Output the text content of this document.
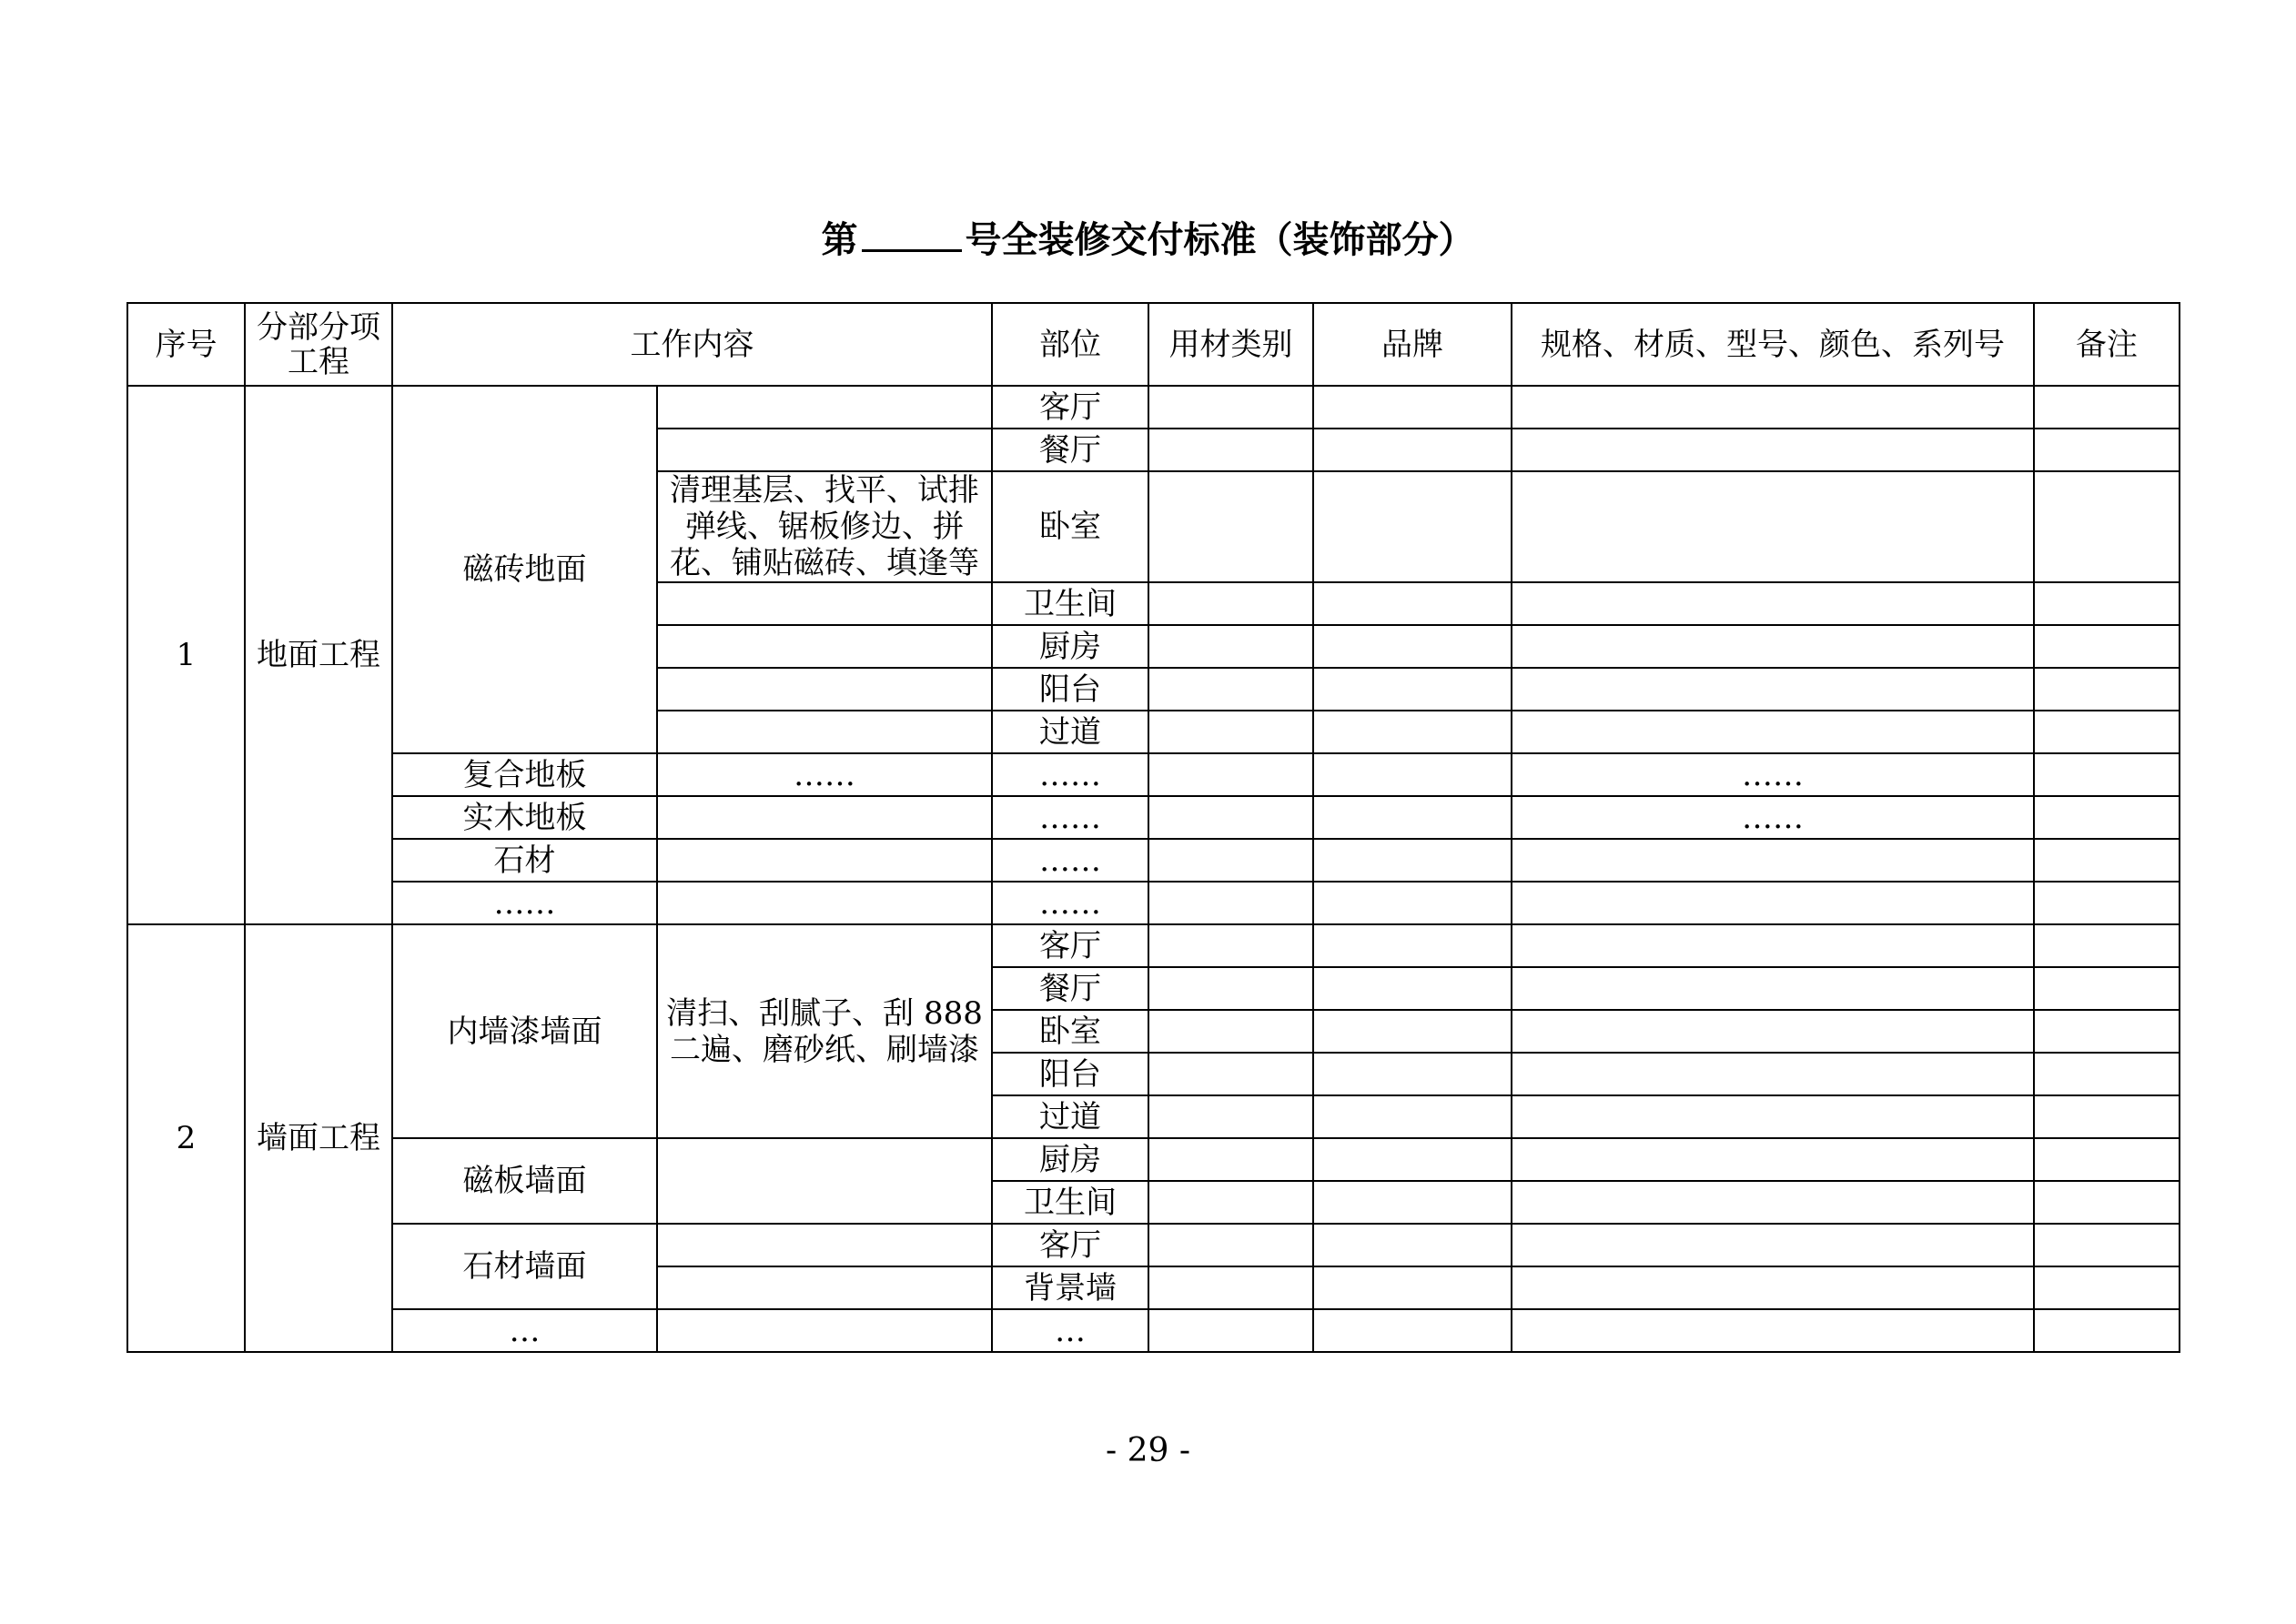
第	号全装修交付标准（装饰部分）
序号	分部分项工程	工作内容		部位	用材类别	品牌	规格、材质、型号、颜色、系列号	备注
1	地面工程	磁砖地面		客厅				
				餐厅				
			清理基层、找平、试排弹线、锯板修边、拼花、铺贴磁砖、填逢等	卧室				

				卫生间				
				厨房				
				阳台				
				过道				
		复合地板	……	……			……	
		实木地板		……			……	
		石材		……				
		……		……				
2	墙面工程	内墙漆墙面	清扫、刮腻子、刮 888 二遍、磨砂纸、刷墙漆	客厅				
				餐厅				
				卧室				
				阳台				
				过道				
		磁板墙面		厨房				
				卫生间				
		石材墙面		客厅				
				背景墙				
		…		…				
- 29 -
